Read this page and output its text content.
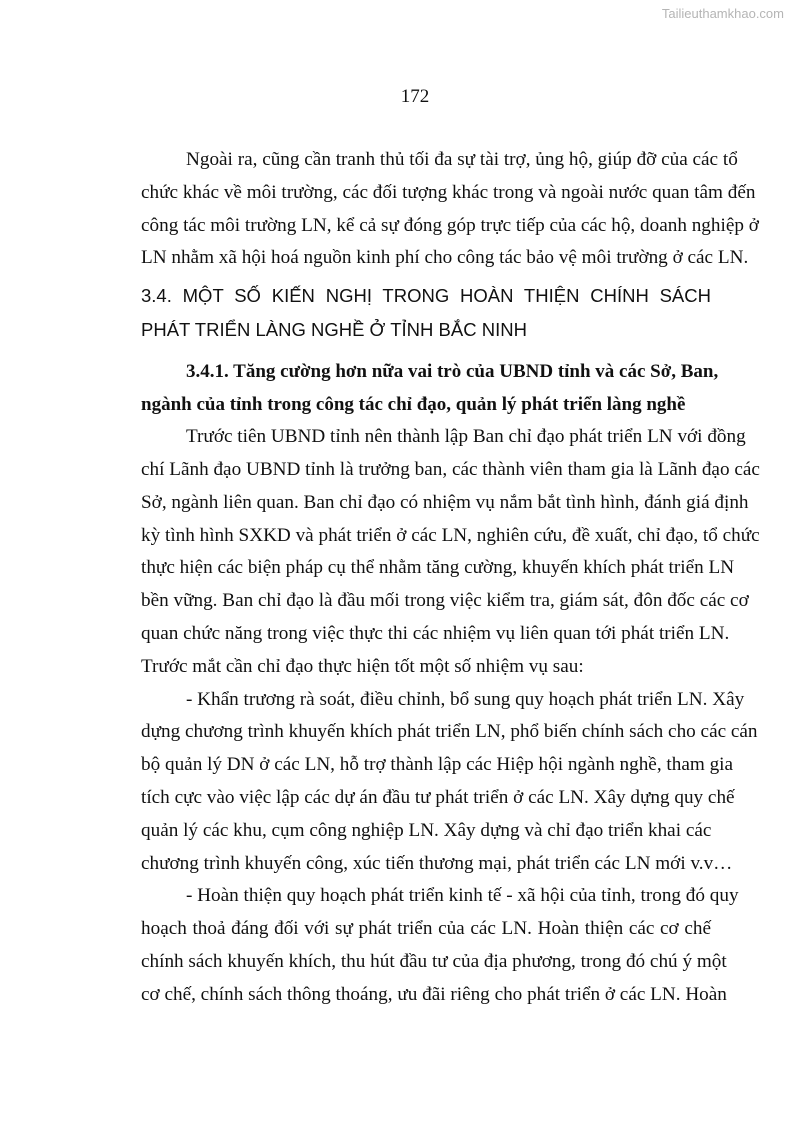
Tailieuthamkhao.com
172
Ngoài ra, cũng cần tranh thủ tối đa sự tài trợ, ủng hộ, giúp đỡ của các tổ
chức khác về môi trường, các đối tượng khác trong và ngoài nước quan tâm đến
công tác môi trường LN, kể cả sự đóng góp trực tiếp của các hộ, doanh nghiệp ở
LN nhằm xã hội hoá nguồn kinh phí cho công tác bảo vệ môi trường ở các LN.
3.4. MỘT SỐ KIẾN NGHỊ TRONG HOÀN THIỆN CHÍNH SÁCH
PHÁT TRIỂN LÀNG NGHỀ Ở TỈNH BẮC NINH
3.4.1. Tăng cường hơn nữa vai trò của UBND tỉnh và các Sở, Ban,
ngành của tỉnh trong công tác chỉ đạo, quản lý phát triển làng nghề
Trước tiên UBND tỉnh nên thành lập Ban chỉ đạo phát triển LN với đồng
chí Lãnh đạo UBND tỉnh là trưởng ban, các thành viên tham gia là Lãnh đạo các
Sở, ngành liên quan. Ban chỉ đạo có nhiệm vụ nắm bắt tình hình, đánh giá định
kỳ tình hình SXKD và phát triển ở các LN, nghiên cứu, đề xuất, chỉ đạo, tổ chức
thực hiện các biện pháp cụ thể nhằm tăng cường, khuyến khích phát triển LN
bền vững. Ban chỉ đạo là đầu mối trong việc kiểm tra, giám sát, đôn đốc các cơ
quan chức năng trong việc thực thi các nhiệm vụ liên quan tới phát triển LN.
Trước mắt cần chỉ đạo thực hiện tốt một số nhiệm vụ sau:
- Khẩn trương rà soát, điều chỉnh, bổ sung quy hoạch phát triển LN. Xây
dựng chương trình khuyến khích phát triển LN, phổ biến chính sách cho các cán
bộ quản lý DN ở các LN, hỗ trợ thành lập các Hiệp hội ngành nghề, tham gia
tích cực vào việc lập các dự án đầu tư phát triển ở các LN. Xây dựng quy chế
quản lý các khu, cụm công nghiệp LN. Xây dựng và chỉ đạo triển khai các
chương trình khuyến công, xúc tiến thương mại, phát triển các LN mới v.v…
- Hoàn thiện quy hoạch phát triển kinh tế - xã hội của tỉnh, trong đó quy
hoạch thoả đáng đối với sự phát triển của các LN. Hoàn thiện các cơ chế
chính sách khuyến khích, thu hút đầu tư của địa phương, trong đó chú ý một
cơ chế, chính sách thông thoáng, ưu đãi riêng cho phát triển ở các LN. Hoàn
